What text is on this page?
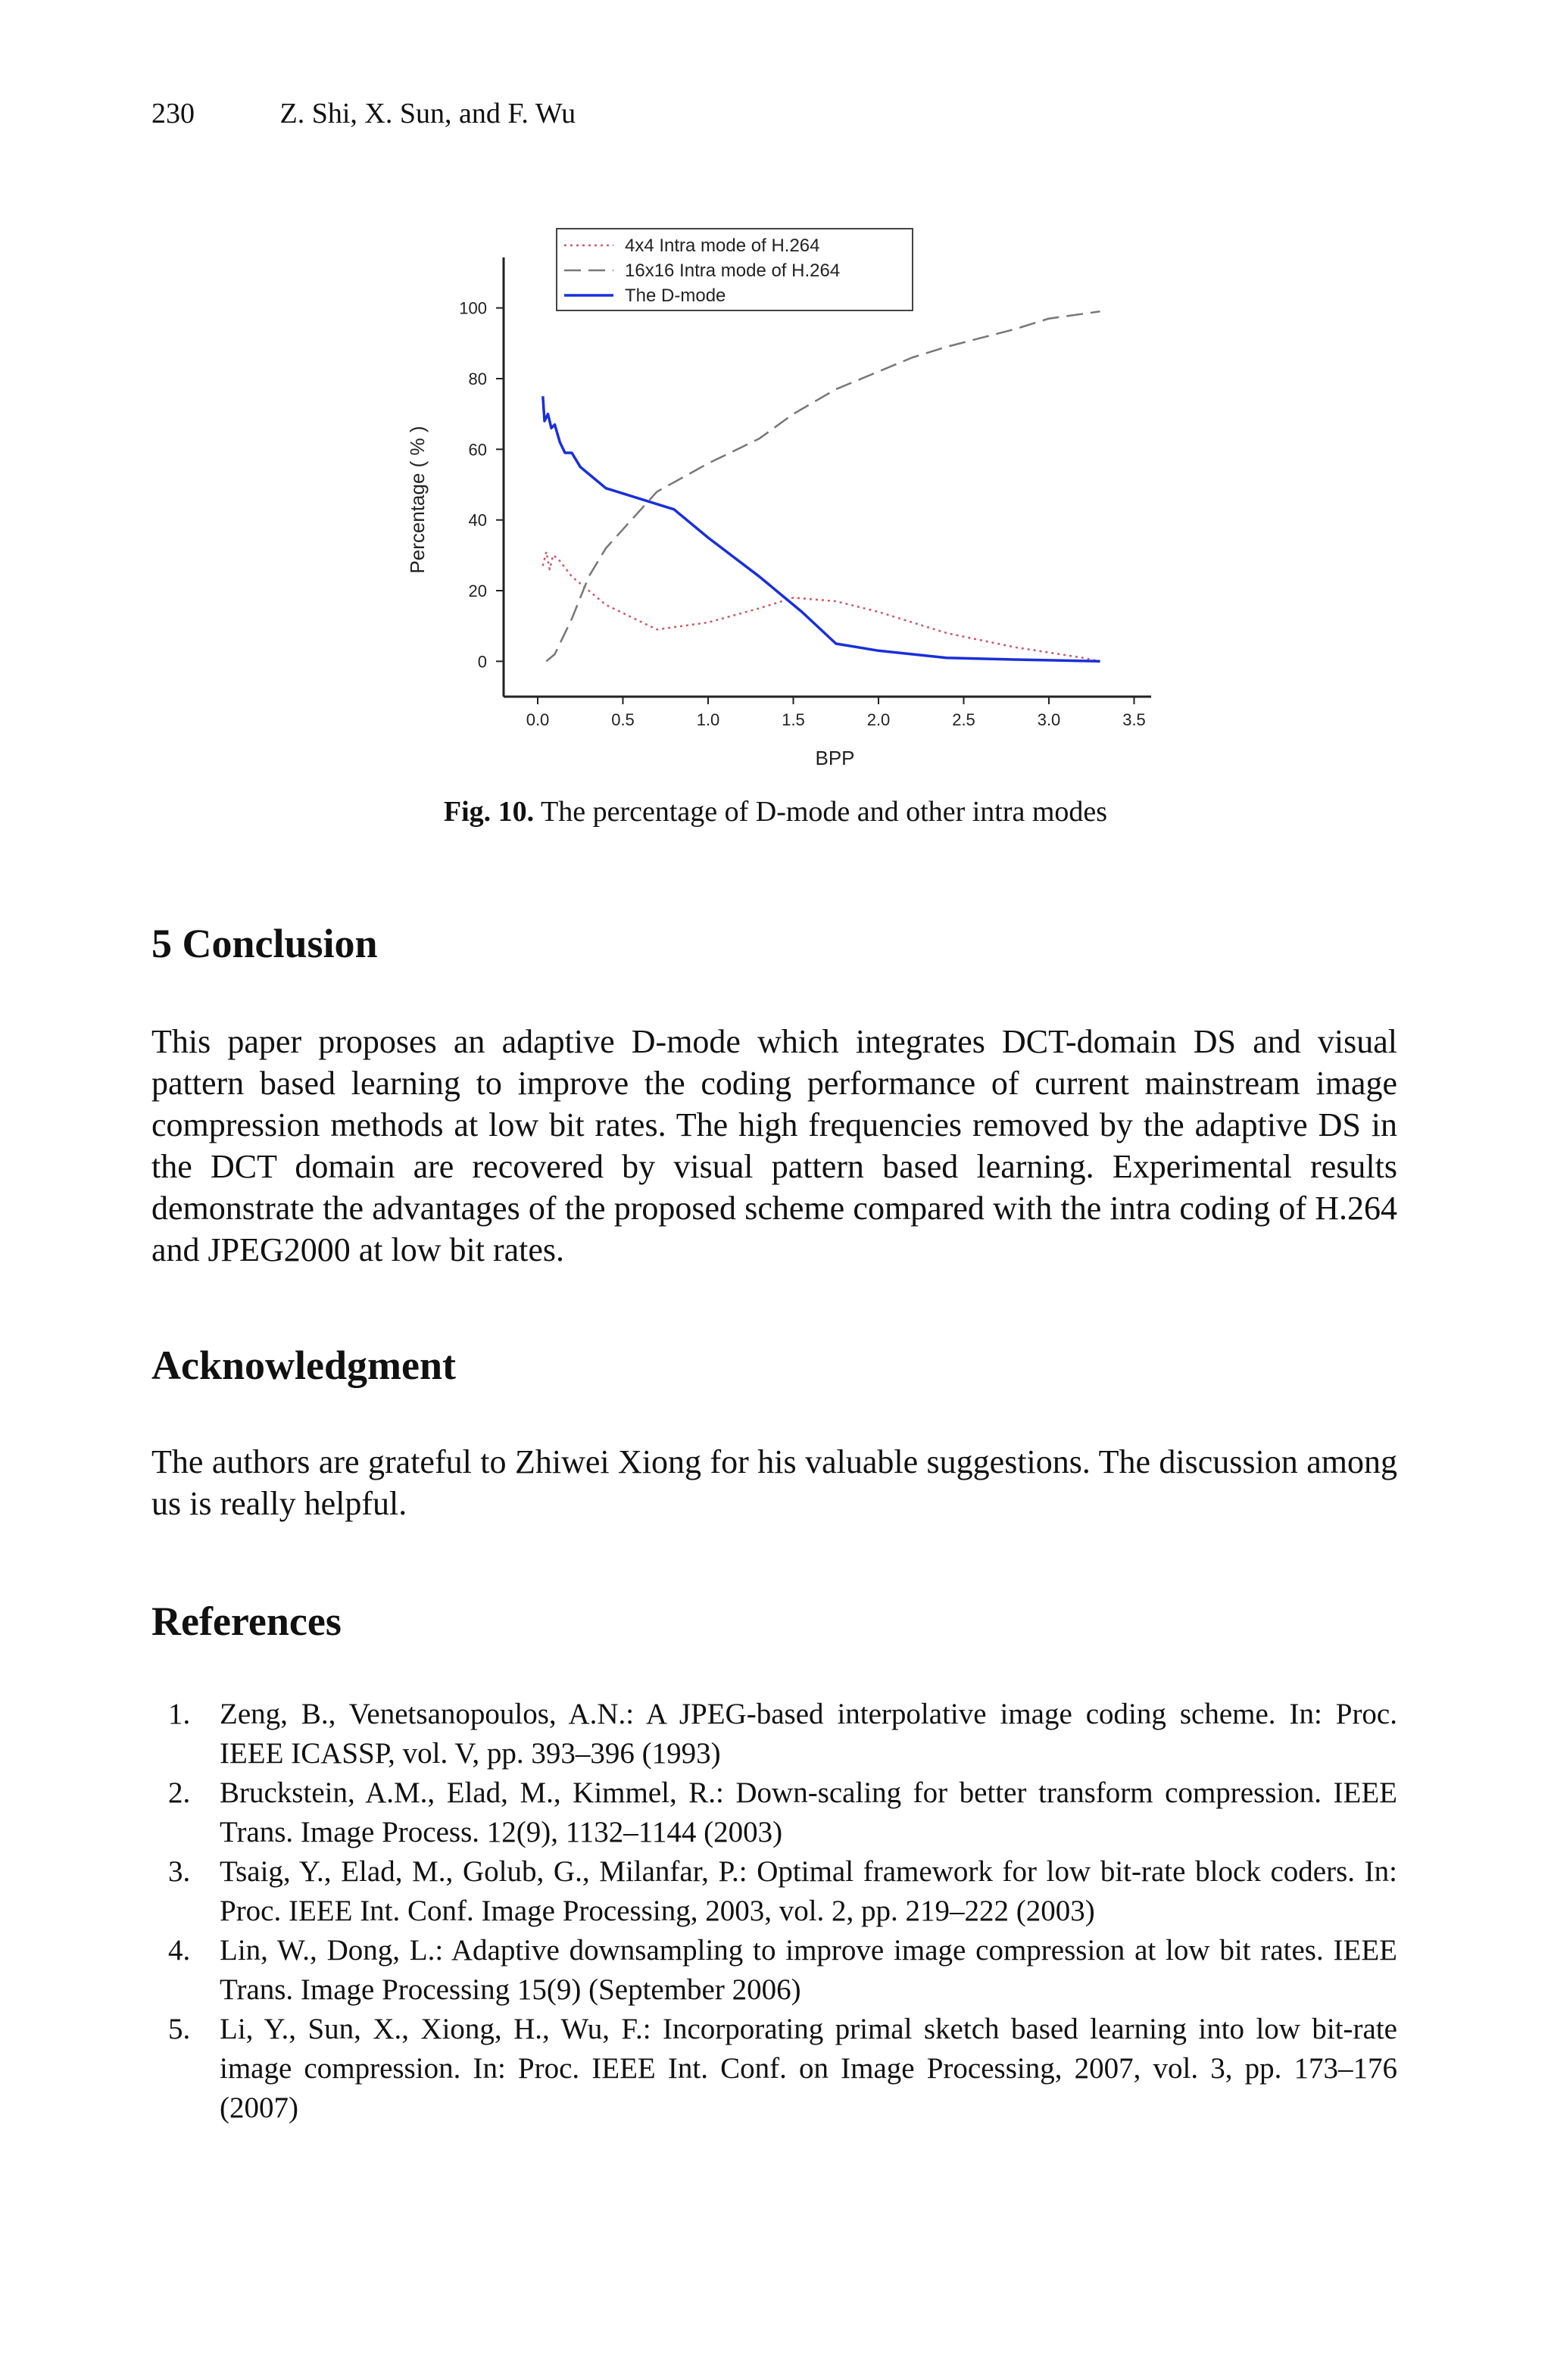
230	Z. Shi, X. Sun, and F. Wu
0
20
40
60
80
100
0.0	0.5	1.0	1.5	2.0	2.5	3.0	3.5
BPP
Percentage ( % )
4x4 Intra mode of H.264
16x16 Intra mode of H.264
The D-mode
Fig. 10. The percentage of D-mode and other intra modes
5 Conclusion

This paper proposes an adaptive D-mode which integrates DCT-domain DS and visual pattern based learning to improve the coding performance of current mainstream image compression methods at low bit rates. The high frequencies removed by the adaptive DS in the DCT domain are recovered by visual pattern based learning. Experimental results demonstrate the advantages of the proposed scheme compared with the intra coding of H.264 and JPEG2000 at low bit rates.

Acknowledgment

The authors are grateful to Zhiwei Xiong for his valuable suggestions. The discussion among us is really helpful.

References
1. Zeng, B., Venetsanopoulos, A.N.: A JPEG-based interpolative image coding scheme. In: Proc. IEEE ICASSP, vol. V, pp. 393–396 (1993)
2. Bruckstein, A.M., Elad, M., Kimmel, R.: Down-scaling for better transform compression. IEEE Trans. Image Process. 12(9), 1132–1144 (2003)
3. Tsaig, Y., Elad, M., Golub, G., Milanfar, P.: Optimal framework for low bit-rate block coders. In: Proc. IEEE Int. Conf. Image Processing, 2003, vol. 2, pp. 219–222 (2003)
4. Lin, W., Dong, L.: Adaptive downsampling to improve image compression at low bit rates. IEEE Trans. Image Processing 15(9) (September 2006)
5. Li, Y., Sun, X., Xiong, H., Wu, F.: Incorporating primal sketch based learning into low bit-rate image compression. In: Proc. IEEE Int. Conf. on Image Processing, 2007, vol. 3, pp. 173–176 (2007)
